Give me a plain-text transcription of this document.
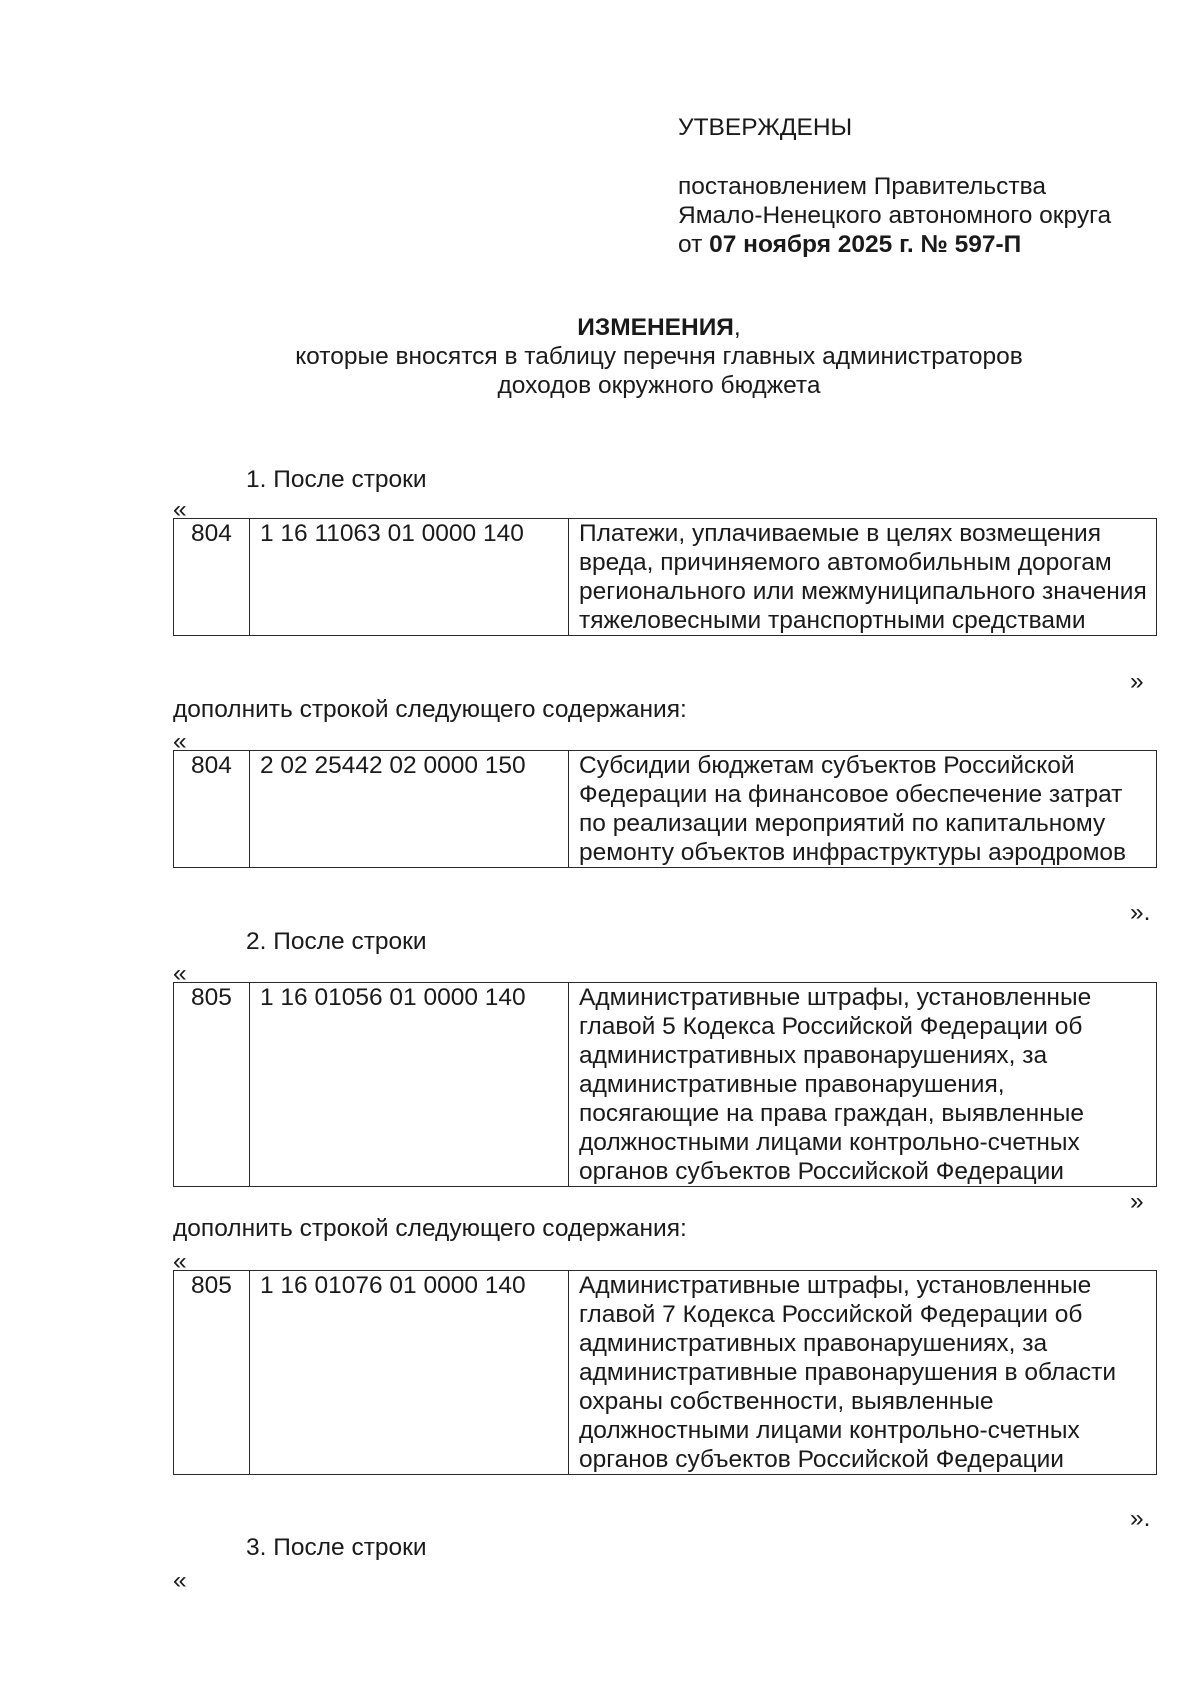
УТВЕРЖДЕНЫ
постановлением Правительства
Ямало-Ненецкого автономного округа
от 07 ноября 2025 г. № 597-П
ИЗМЕНЕНИЯ,
которые вносятся в таблицу перечня главных администраторов
доходов окружного бюджета
1. После строки
«
804	1 16 11063 01 0000 140	Платежи, уплачиваемые в целях возмещения вреда, причиняемого автомобильным дорогам регионального или межмуниципального значения тяжеловесными транспортными средствами
»
дополнить строкой следующего содержания:
«
804	2 02 25442 02 0000 150	Субсидии бюджетам субъектов Российской Федерации на финансовое обеспечение затрат по реализации мероприятий по капитальному ремонту объектов инфраструктуры аэродромов
».
2. После строки
«
805	1 16 01056 01 0000 140	Административные штрафы, установленные главой 5 Кодекса Российской Федерации об административных правонарушениях, за административные правонарушения, посягающие на права граждан, выявленные должностными лицами контрольно-счетных органов субъектов Российской Федерации
»
дополнить строкой следующего содержания:
«
805	1 16 01076 01 0000 140	Административные штрафы, установленные главой 7 Кодекса Российской Федерации об административных правонарушениях, за административные правонарушения в области охраны собственности, выявленные должностными лицами контрольно-счетных органов субъектов Российской Федерации
».
3. После строки
«
